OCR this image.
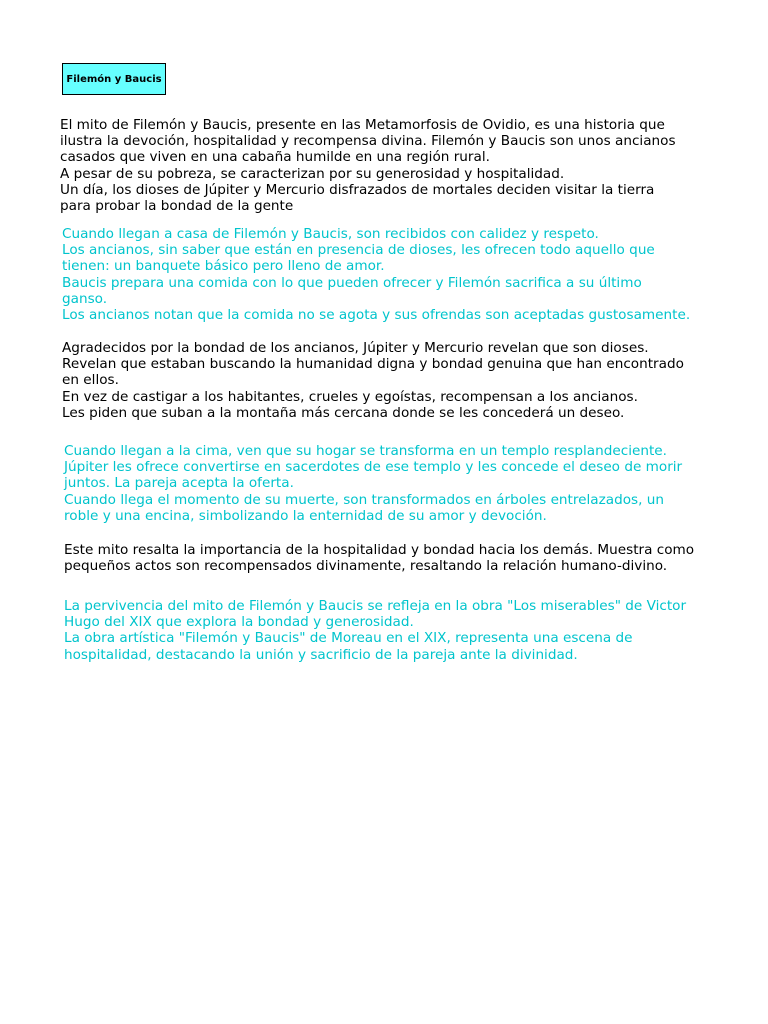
Filemón y Baucis

El mito de Filemón y Baucis, presente en las Metamorfosis de Ovidio, es una historia que
ilustra la devoción, hospitalidad y recompensa divina. Filemón y Baucis son unos ancianos
casados que viven en una cabaña humilde en una región rural.
A pesar de su pobreza, se caracterizan por su generosidad y hospitalidad.
Un día, los dioses de Júpiter y Mercurio disfrazados de mortales deciden visitar la tierra
para probar la bondad de la gente

Cuando llegan a casa de Filemón y Baucis, son recibidos con calidez y respeto.
Los ancianos, sin saber que están en presencia de dioses, les ofrecen todo aquello que
tienen: un banquete básico pero lleno de amor.
Baucis prepara una comida con lo que pueden ofrecer y Filemón sacrifica a su último
ganso.
Los ancianos notan que la comida no se agota y sus ofrendas son aceptadas gustosamente.

Agradecidos por la bondad de los ancianos, Júpiter y Mercurio revelan que son dioses.
Revelan que estaban buscando la humanidad digna y bondad genuina que han encontrado
en ellos.
En vez de castigar a los habitantes, crueles y egoístas, recompensan a los ancianos.
Les piden que suban a la montaña más cercana donde se les concederá un deseo.

Cuando llegan a la cima, ven que su hogar se transforma en un templo resplandeciente.
Júpiter les ofrece convertirse en sacerdotes de ese templo y les concede el deseo de morir
juntos. La pareja acepta la oferta.
Cuando llega el momento de su muerte, son transformados en árboles entrelazados, un
roble y una encina, simbolizando la enternidad de su amor y devoción.

Este mito resalta la importancia de la hospitalidad y bondad hacia los demás. Muestra como
pequeños actos son recompensados divinamente, resaltando la relación humano-divino.

La pervivencia del mito de Filemón y Baucis se refleja en la obra "Los miserables" de Victor
Hugo del XIX que explora la bondad y generosidad.
La obra artística "Filemón y Baucis" de Moreau en el XIX, representa una escena de
hospitalidad, destacando la unión y sacrificio de la pareja ante la divinidad.
